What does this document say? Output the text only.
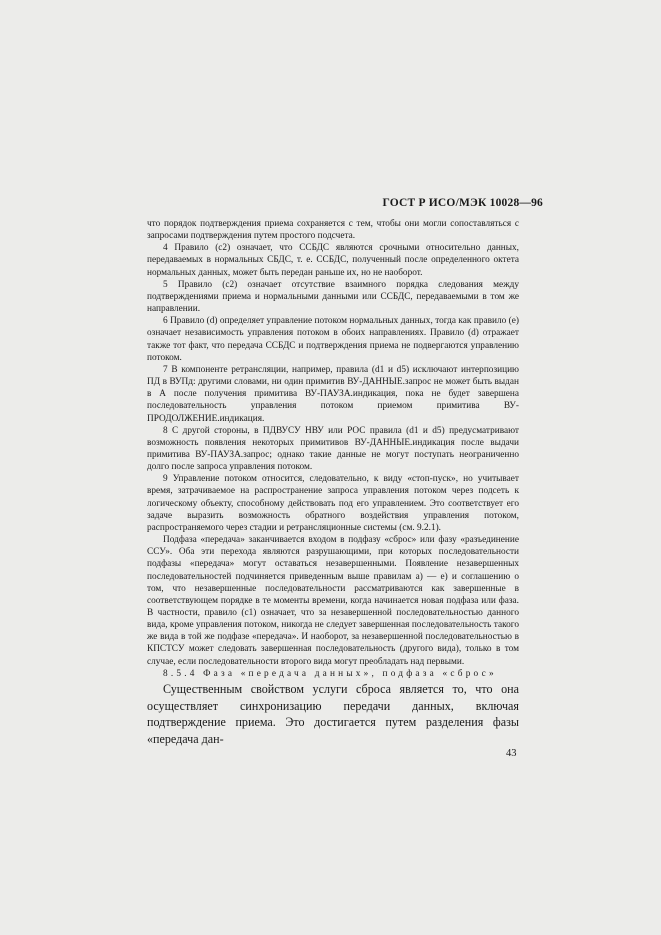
ГОСТ Р ИСО/МЭК 10028—96

что порядок подтверждения приема сохраняется с тем, чтобы они могли сопоставляться с запросами подтверждения путем простого подсчета.

4 Правило (c2) означает, что ССБДС являются срочными относительно данных, передаваемых в нормальных СБДС, т. е. ССБДС, полученный после определенного октета нормальных данных, может быть передан раньше их, но не наоборот.

5 Правило (c2) означает отсутствие взаимного порядка следования между подтверждениями приема и нормальными данными или ССБДС, передаваемыми в том же направлении.

6 Правило (d) определяет управление потоком нормальных данных, тогда как правило (е) означает независимость управления потоком в обоих направлениях. Правило (d) отражает также тот факт, что передача ССБДС и подтверждения приема не подвергаются управлению потоком.

7 В компоненте ретрансляции, например, правила (d1 и d5) исключают интерпозицию ПД в ВУПд: другими словами, ни один примитив ВУ-ДАННЫЕ.запрос не может быть выдан в А после получения примитива ВУ-ПАУЗА.индикация, пока не будет завершена последовательность управления потоком приемом примитива ВУ-ПРОДОЛЖЕНИЕ.индикация.

8 С другой стороны, в ПДВУСУ НВУ или РОС правила (d1 и d5) предусматривают возможность появления некоторых примитивов ВУ-ДАННЫЕ.индикация после выдачи примитива ВУ-ПАУЗА.запрос; однако такие данные не могут поступать неограниченно долго после запроса управления потоком.

9 Управление потоком относится, следовательно, к виду «стоп-пуск», но учитывает время, затрачиваемое на распространение запроса управления потоком через подсеть к логическому объекту, способному действовать под его управлением. Это соответствует его задаче выразить возможность обратного воздействия управления потоком, распространяемого через стадии и ретрансляционные системы (см. 9.2.1).

Подфаза «передача» заканчивается входом в подфазу «сброс» или фазу «разъединение ССУ». Оба эти перехода являются разрушающими, при которых последовательности подфазы «передача» могут оставаться незавершенными. Появление незавершенных последовательностей подчиняется приведенным выше правилам а) — е) и соглашению о том, что незавершенные последовательности рассматриваются как завершенные в соответствующем порядке в те моменты времени, когда начинается новая подфаза или фаза. В частности, правило (c1) означает, что за незавершенной последовательностью данного вида, кроме управления потоком, никогда не следует завершенная последовательность такого же вида в той же подфазе «передача». И наоборот, за незавершенной последовательностью в КПСТСУ может следовать завершенная последовательность (другого вида), только в том случае, если последовательности второго вида могут преобладать над первыми.

8.5.4 Фаза «передача данных», подфаза «сброс»

Существенным свойством услуги сброса является то, что она осуществляет синхронизацию передачи данных, включая подтверждение приема. Это достигается путем разделения фазы «передача дан-

43
